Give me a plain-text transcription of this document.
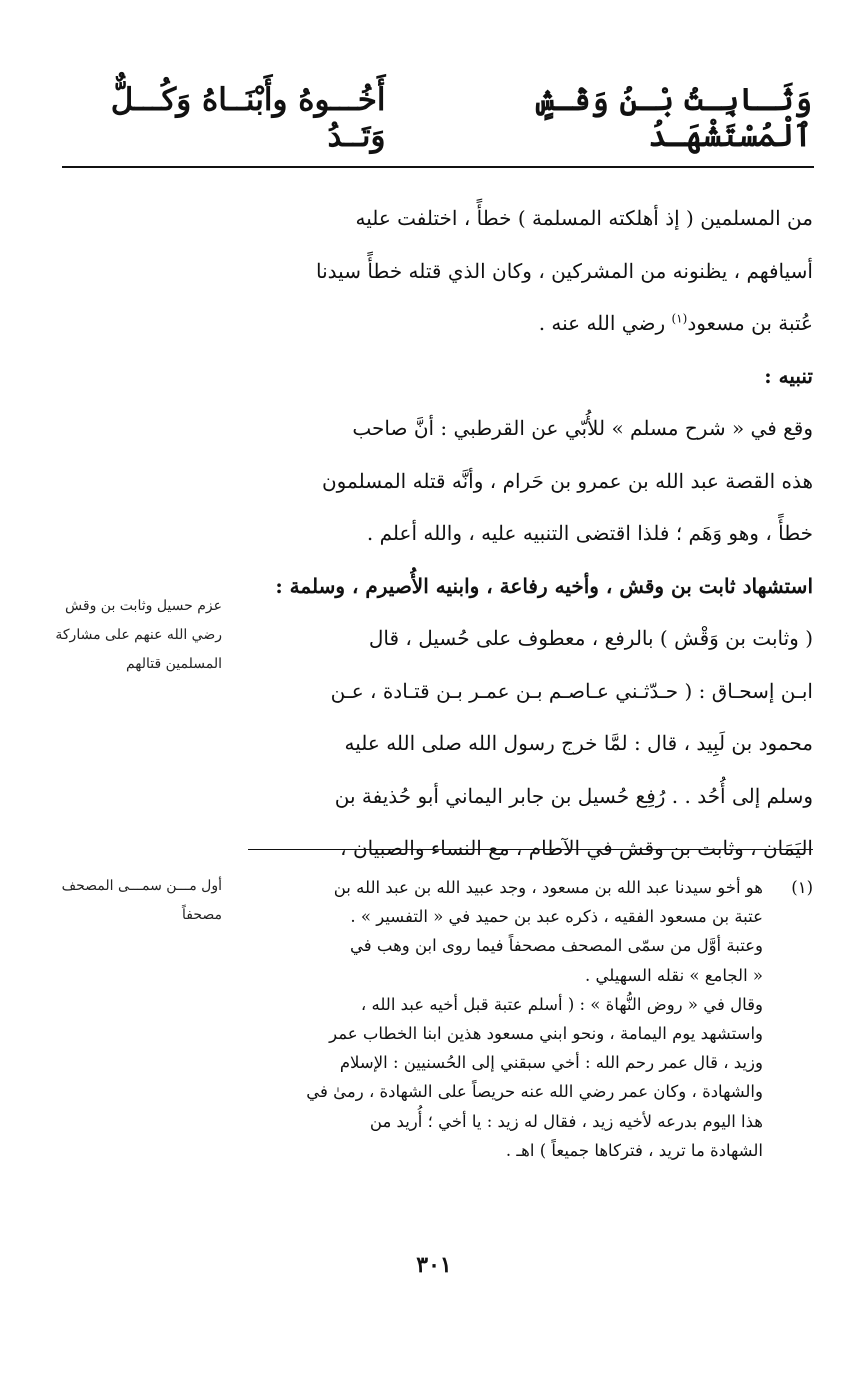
وَثَـابِـتُ بْـنُ وَقْـشٍ ٱلْمُسْتَشْهَـدُ
أَخُـــوهُ وأَبْنَــاهُ وَكُـــلٌّ وَتَــدُ

من المسلمين ( إذ أهلكته المسلمة ) خطأً ، اختلفت عليه

أسيافهم ، يظنونه من المشركين ، وكان الذي قتله خطأً سيدنا

عُتبة بن مسعود$^{(١)}$ رضي الله عنه .

تنبيه :

وقع في « شرح مسلم » للأُبّي عن القرطبي : أنَّ صاحب

هذه القصة عبد الله بن عمرو بن حَرام ، وأنَّه قتله المسلمون

خطأً ، وهو وَهَم ؛ فلذا اقتضى التنبيه عليه ، والله أعلم .

استشهاد ثابت بن وقش ، وأخيه رفاعة ، وابنيه الأُصيرم ، وسلمة :

( وثابت بن وَقْش ) بالرفع ، معطوف على حُسيل ، قال

ابـن إسحـاق : ( حـدّثـني عـاصـم بـن عمـر بـن قتـادة ، عـن

محمود بن لَبِيد ، قال : لمَّا خرج رسول الله صلى الله عليه

وسلم إلى أُحُد . . رُفِع حُسيل بن جابر اليماني أبو حُذيفة بن

اليَمَان ، وثابت بن وقش في الآطام ، مع النساء والصبيان ،

عزم حسيل وثابت بن وقش رضي الله عنهم على مشاركة المسلمين قتالهم
(١)

هو أخو سيدنا عبد الله بن مسعود ، وجد عبيد الله بن عبد الله بن

عتبة بن مسعود الفقيه ، ذكره عبد بن حميد في « التفسير » .

وعتبة أوَّل من سمّى المصحف مصحفاً فيما روى ابن وهب في

« الجامع » نقله السهيلي .

وقال في « روض النُّهاة » : ( أسلم عتبة قبل أخيه عبد الله ،

واستشهد يوم اليمامة ، ونحو ابني مسعود هذين ابنا الخطاب عمر

وزيد ، قال عمر رحم الله : أخي سبقني إلى الحُسنيين : الإسلام

والشهادة ، وكان عمر رضي الله عنه حريصاً على الشهادة ، رمىٰ في

هذا اليوم بدرعه لأخيه زيد ، فقال له زيد : يا أخي ؛ أُريد من

الشهادة ما تريد ، فتركاها جميعاً ) اهـ .

أول مـــن سمـــى المصحف مصحفاً
٣٠١
